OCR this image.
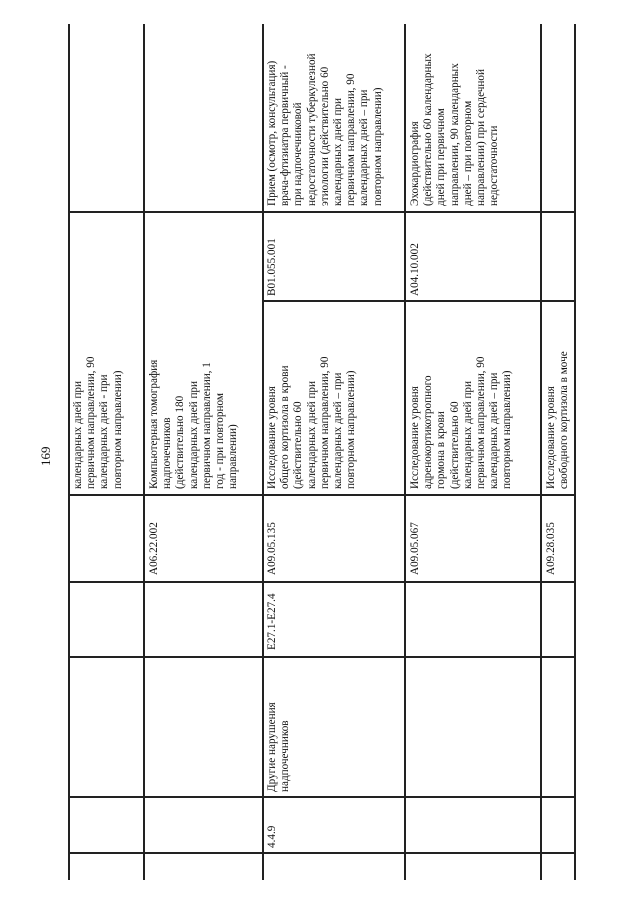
169 календарных дней при
первичном направлении, 90
календарных дней - при
повторном направлении)
A06.22.002
Компьютерная томография
надпочечников
(действительно 180
календарных дней при
первичном направлении, 1
год - при повторном
направлении)
4.4.9
Другие нарушения
надпочечников
E27.1-E27.4
A09.05.135
Исследование уровня
общего кортизола в крови
(действительно 60
календарных дней при
первичном направлении, 90
календарных дней – при
повторном направлении)
B01.055.001
Прием (осмотр, консультация)
врача-фтизиатра первичный -
при надпочечниковой
недостаточности туберкулезной
этиологии (действительно 60
календарных дней при
первичном направлении, 90
календарных дней – при
повторном направлении)
A09.05.067
Исследование уровня
адренокортикотропного
гормона в крови
(действительно 60
календарных дней при
первичном направлении, 90
календарных дней – при
повторном направлении)
A04.10.002
Эхокардиография
(действительно 60 календарных
дней при первичном
направлении, 90 календарных
дней – при повторном
направлении) при сердечной
недостаточности
A09.28.035
Исследование уровня
свободного кортизола в моче
